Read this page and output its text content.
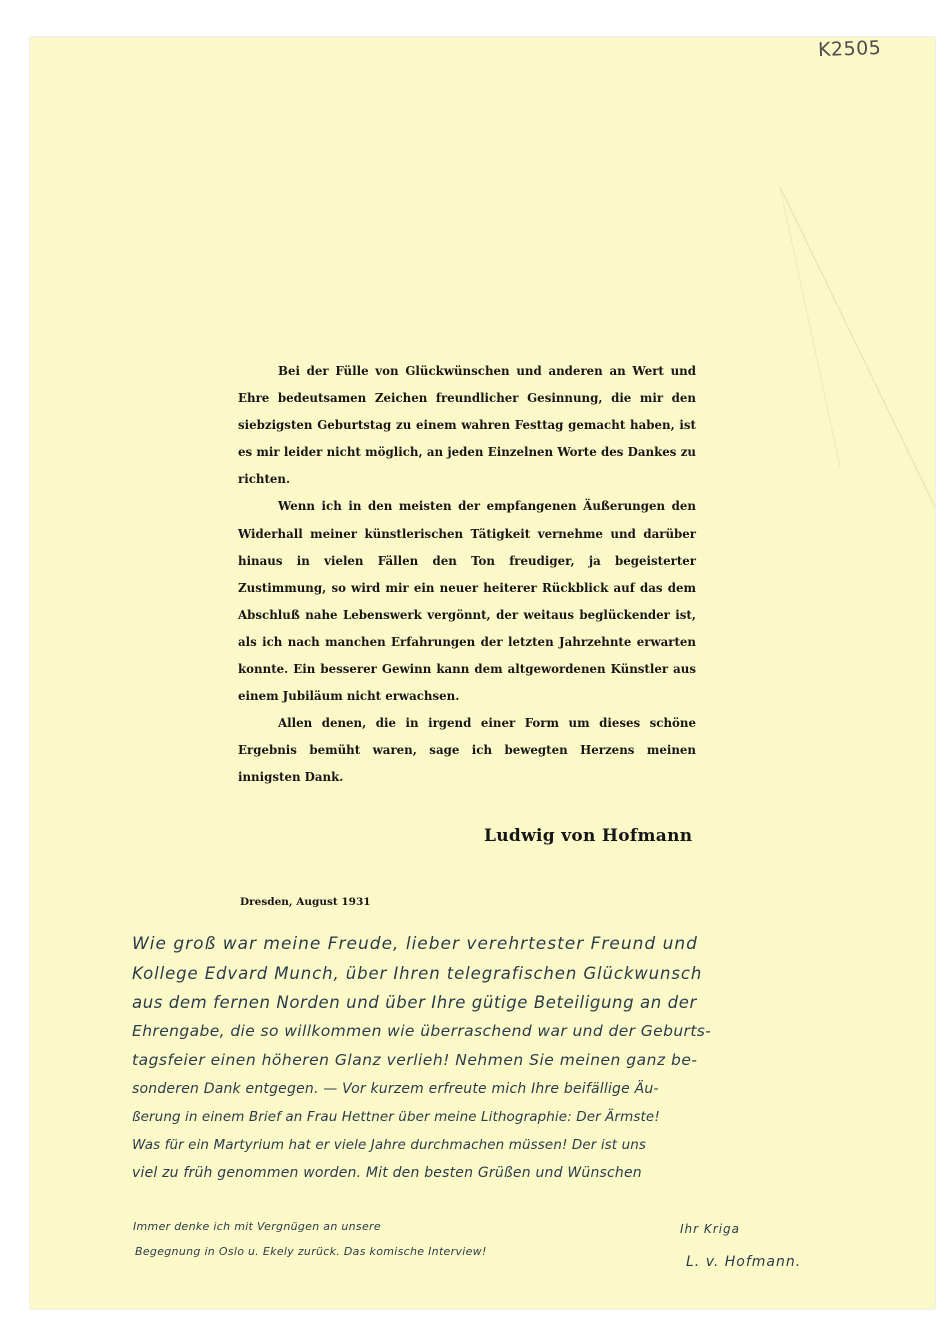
K2505

Bei der Fülle von Glückwünschen und anderen an Wert und Ehre bedeutsamen Zeichen freundlicher Gesinnung, die mir den siebzigsten Geburtstag zu einem wahren Festtag gemacht haben, ist es mir leider nicht möglich, an jeden Einzelnen Worte des Dankes zu richten.

Wenn ich in den meisten der empfangenen Äußerungen den Widerhall meiner künstlerischen Tätigkeit vernehme und darüber hinaus in vielen Fällen den Ton freudiger, ja begeisterter Zustimmung, so wird mir ein neuer heiterer Rückblick auf das dem Abschluß nahe Lebenswerk vergönnt, der weitaus beglückender ist, als ich nach manchen Erfahrungen der letzten Jahrzehnte erwarten konnte. Ein besserer Gewinn kann dem altgewordenen Künstler aus einem Jubiläum nicht erwachsen.

Allen denen, die in irgend einer Form um dieses schöne Ergebnis bemüht waren, sage ich bewegten Herzens meinen innigsten Dank.

Ludwig von Hofmann
Dresden, August 1931
Wie groß war meine Freude, lieber verehrtester Freund und
Kollege Edvard Munch, über Ihren telegrafischen Glückwunsch
aus dem fernen Norden und über Ihre gütige Beteiligung an der
Ehrengabe, die so willkommen wie überraschend war und der Geburts-
tagsfeier einen höheren Glanz verlieh! Nehmen Sie meinen ganz be-
sonderen Dank entgegen. — Vor kurzem erfreute mich Ihre beifällige Äu-
ßerung in einem Brief an Frau Hettner über meine Lithographie: Der Ärmste!
Was für ein Martyrium hat er viele Jahre durchmachen müssen! Der ist uns
viel zu früh genommen worden. Mit den besten Grüßen und Wünschen
Immer denke ich mit Vergnügen an unsere
Begegnung in Oslo u. Ekely zurück. Das komische Interview!
Ihr Kriga
L. v. Hofmann.
